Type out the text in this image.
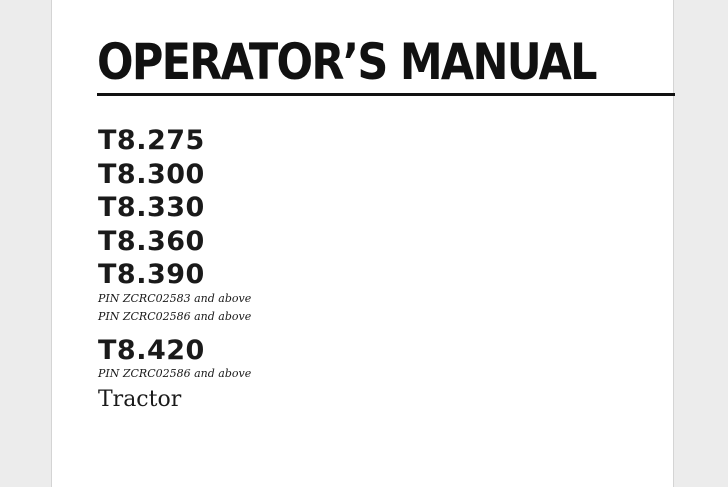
OPERATOR’S MANUAL
T8.275
T8.300
T8.330
T8.360
T8.390
PIN ZCRC02583 and above
PIN ZCRC02586 and above
T8.420
PIN ZCRC02586 and above
Tractor
